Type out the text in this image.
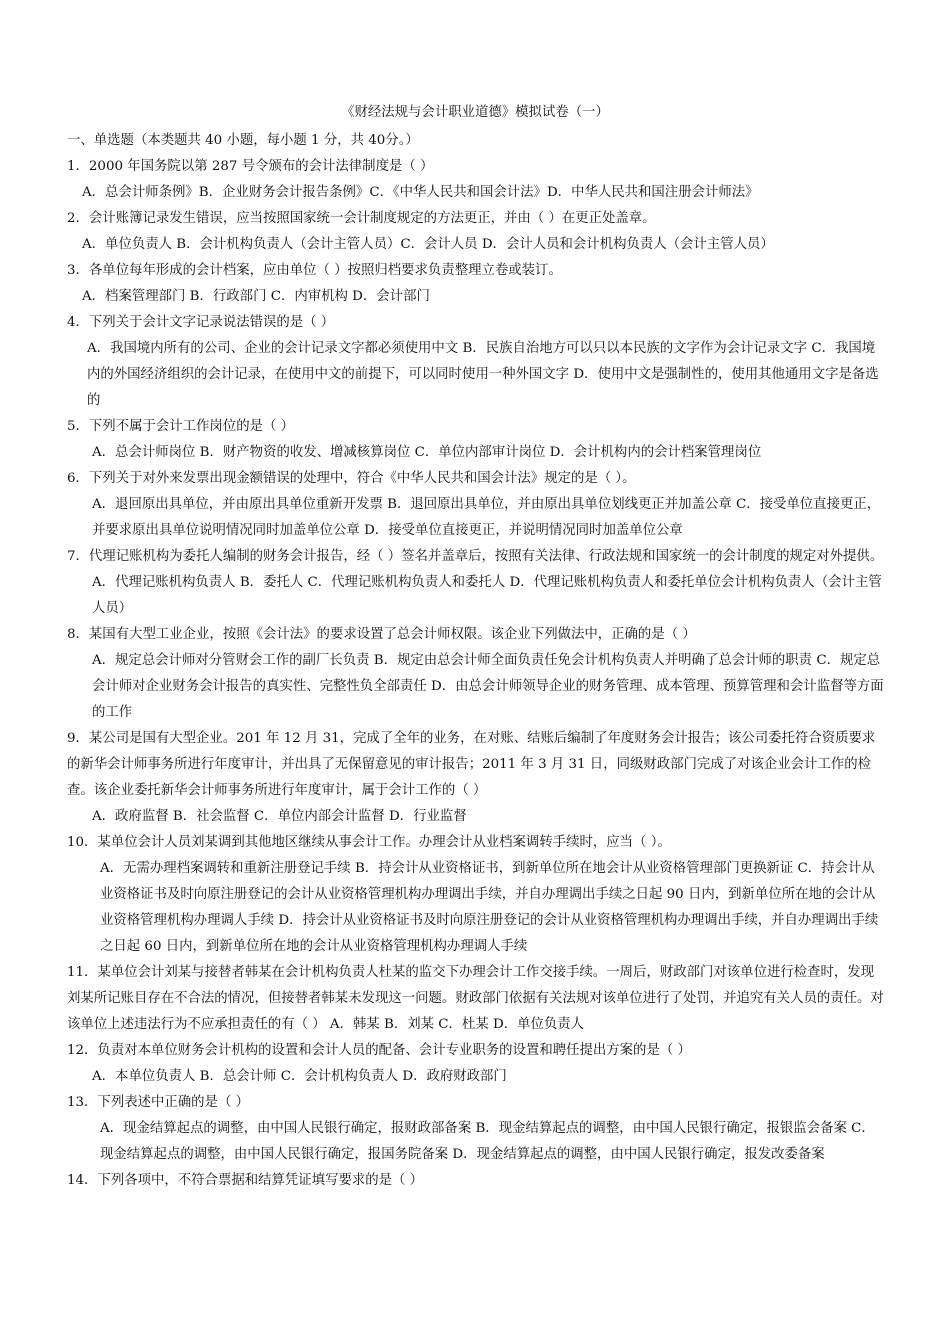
《财经法规与会计职业道德》模拟试卷（一）

一、单选题（本类题共 40 小题，每小题 1 分，共 40分。）

1．2000 年国务院以第 287 号令颁布的会计法律制度是（ ）

A．总会计师条例》B．企业财务会计报告条例》C．《中华人民共和国会计法》D．中华人民共和国注册会计师法》

2．会计账簿记录发生错误，应当按照国家统一会计制度规定的方法更正，并由（ ）在更正处盖章。

A．单位负责人 B．会计机构负责人（会计主管人员）C．会计人员 D．会计人员和会计机构负责人（会计主管人员）

3．各单位每年形成的会计档案，应由单位（ ）按照归档要求负责整理立卷或装订。

A．档案管理部门 B．行政部门 C．内审机构 D．会计部门

4．下列关于会计文字记录说法错误的是（ ）

A．我国境内所有的公司、企业的会计记录文字都必须使用中文 B．民族自治地方可以只以本民族的文字作为会计记录文字 C．我国境内的外国经济组织的会计记录，在使用中文的前提下，可以同时使用一种外国文字 D．使用中文是强制性的，使用其他通用文字是备选的

5．下列不属于会计工作岗位的是（ ）

A．总会计师岗位 B．财产物资的收发、增减核算岗位 C．单位内部审计岗位 D．会计机构内的会计档案管理岗位

6．下列关于对外来发票出现金额错误的处理中，符合《中华人民共和国会计法》规定的是（ ）。

A．退回原出具单位，并由原出具单位重新开发票 B．退回原出具单位，并由原出具单位划线更正并加盖公章 C．接受单位直接更正，并要求原出具单位说明情况同时加盖单位公章 D．接受单位直接更正，并说明情况同时加盖单位公章

7．代理记账机构为委托人编制的财务会计报告，经（ ）签名并盖章后，按照有关法律、行政法规和国家统一的会计制度的规定对外提供。

A．代理记账机构负责人 B．委托人 C．代理记账机构负责人和委托人 D．代理记账机构负责人和委托单位会计机构负责人（会计主管人员）

8．某国有大型工业企业，按照《会计法》的要求设置了总会计师权限。该企业下列做法中，正确的是（ ）

A．规定总会计师对分管财会工作的副厂长负责 B．规定由总会计师全面负责任免会计机构负责人并明确了总会计师的职责 C．规定总会计师对企业财务会计报告的真实性、完整性负全部责任 D．由总会计师领导企业的财务管理、成本管理、预算管理和会计监督等方面的工作

9．某公司是国有大型企业。201 年 12 月 31，完成了全年的业务，在对账、结账后编制了年度财务会计报告；该公司委托符合资质要求的新华会计师事务所进行年度审计，并出具了无保留意见的审计报告；2011 年 3 月 31 日，同级财政部门完成了对该企业会计工作的检查。该企业委托新华会计师事务所进行年度审计，属于会计工作的（ ）

A．政府监督 B．社会监督 C．单位内部会计监督 D．行业监督

10．某单位会计人员刘某调到其他地区继续从事会计工作。办理会计从业档案调转手续时，应当（ ）。

A．无需办理档案调转和重新注册登记手续 B．持会计从业资格证书，到新单位所在地会计从业资格管理部门更换新证 C．持会计从业资格证书及时向原注册登记的会计从业资格管理机构办理调出手续，并自办理调出手续之日起 90 日内，到新单位所在地的会计从业资格管理机构办理调人手续 D．持会计从业资格证书及时向原注册登记的会计从业资格管理机构办理调出手续，并自办理调出手续之日起 60 日内，到新单位所在地的会计从业资格管理机构办理调人手续

11．某单位会计刘某与接替者韩某在会计机构负责人杜某的监交下办理会计工作交接手续。一周后，财政部门对该单位进行检查时，发现刘某所记账目存在不合法的情况，但接替者韩某未发现这一问题。财政部门依据有关法规对该单位进行了处罚，并追究有关人员的责任。对该单位上述违法行为不应承担责任的有（ ） A．韩某 B．刘某 C．杜某 D．单位负责人

12．负责对本单位财务会计机构的设置和会计人员的配备、会计专业职务的设置和聘任提出方案的是（ ）

A．本单位负责人 B．总会计师 C．会计机构负责人 D．政府财政部门

13．下列表述中正确的是（ ）

A．现金结算起点的调整，由中国人民银行确定，报财政部备案 B．现金结算起点的调整，由中国人民银行确定，报银监会备案 C．现金结算起点的调整，由中国人民银行确定，报国务院备案 D．现金结算起点的调整，由中国人民银行确定，报发改委备案

14．下列各项中，不符合票据和结算凭证填写要求的是（ ）
